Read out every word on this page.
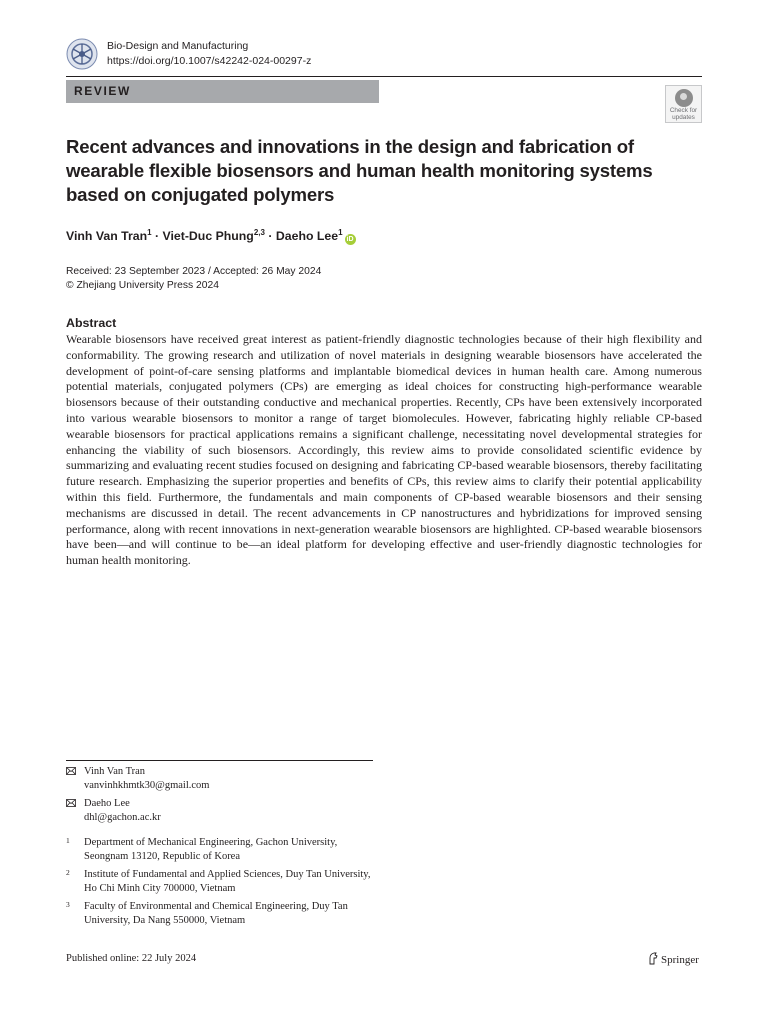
Bio-Design and Manufacturing
https://doi.org/10.1007/s42242-024-00297-z
REVIEW
Check for updates
Recent advances and innovations in the design and fabrication of wearable flexible biosensors and human health monitoring systems based on conjugated polymers
Vinh Van Tran$^1$ · Viet-Duc Phung$^{2,3}$ · Daeho Lee$^1$iD
Received: 23 September 2023 / Accepted: 26 May 2024
© Zhejiang University Press 2024
Abstract

Wearable biosensors have received great interest as patient-friendly diagnostic technologies because of their high flexibility and conformability. The growing research and utilization of novel materials in designing wearable biosensors have accelerated the development of point-of-care sensing platforms and implantable biomedical devices in human health care. Among numerous potential materials, conjugated polymers (CPs) are emerging as ideal choices for constructing high-performance wearable biosensors because of their outstanding conductive and mechanical properties. Recently, CPs have been extensively incorporated into various wearable biosensors to monitor a range of target biomolecules. However, fabricating highly reliable CP-based wearable biosensors for practical applications remains a significant challenge, necessitating novel developmental strategies for enhancing the viability of such biosensors. Accordingly, this review aims to provide consolidated scientific evidence by summarizing and evaluating recent studies focused on designing and fabricating CP-based wearable biosensors, thereby facilitating future research. Emphasizing the superior properties and benefits of CPs, this review aims to clarify their potential applicability within this field. Furthermore, the fundamentals and main components of CP-based wearable biosensors and their sensing mechanisms are discussed in detail. The recent advancements in CP nanostructures and hybridizations for improved sensing performance, along with recent innovations in next-generation wearable biosensors are highlighted. CP-based wearable biosensors have been—and will continue to be—an ideal platform for developing effective and user-friendly diagnostic technologies for human health monitoring.

Vinh Van Tran
vanvinhkhmtk30@gmail.com
Daeho Lee
dhl@gachon.ac.kr
1 Department of Mechanical Engineering, Gachon University, Seongnam 13120, Republic of Korea
2 Institute of Fundamental and Applied Sciences, Duy Tan University, Ho Chi Minh City 700000, Vietnam
3 Faculty of Environmental and Chemical Engineering, Duy Tan University, Da Nang 550000, Vietnam
Published online: 22 July 2024	Springer
